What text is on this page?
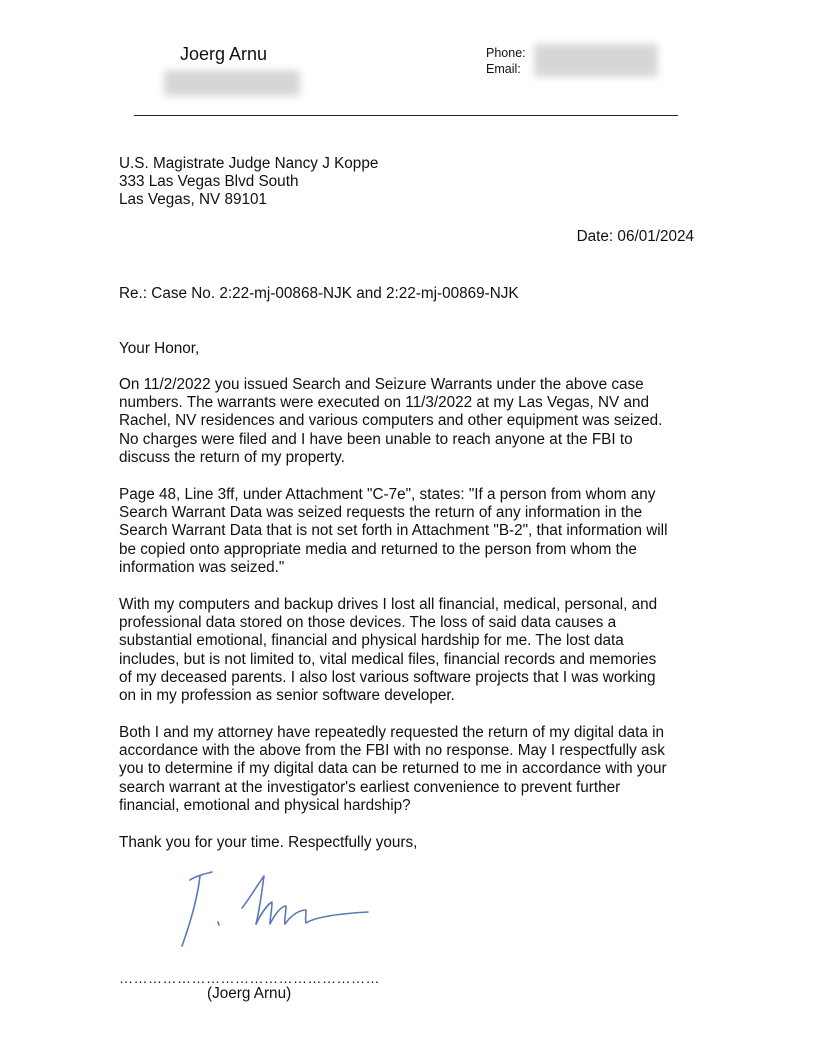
Joerg Arnu	Phone:
Email:
U.S. Magistrate Judge Nancy J Koppe
333 Las Vegas Blvd South
Las Vegas, NV 89101
Date: 06/01/2024
Re.: Case No. 2:22-mj-00868-NJK and 2:22-mj-00869-NJK
Your Honor,
On 11/2/2022 you issued Search and Seizure Warrants under the above case
numbers. The warrants were executed on 11/3/2022 at my Las Vegas, NV and
Rachel, NV residences and various computers and other equipment was seized.
No charges were filed and I have been unable to reach anyone at the FBI to
discuss the return of my property.
Page 48, Line 3ff, under Attachment "C-7e", states: "If a person from whom any
Search Warrant Data was seized requests the return of any information in the
Search Warrant Data that is not set forth in Attachment "B-2", that information will
be copied onto appropriate media and returned to the person from whom the
information was seized."
With my computers and backup drives I lost all financial, medical, personal, and
professional data stored on those devices. The loss of said data causes a
substantial emotional, financial and physical hardship for me. The lost data
includes, but is not limited to, vital medical files, financial records and memories
of my deceased parents. I also lost various software projects that I was working
on in my profession as senior software developer.
Both I and my attorney have repeatedly requested the return of my digital data in
accordance with the above from the FBI with no response. May I respectfully ask
you to determine if my digital data can be returned to me in accordance with your
search warrant at the investigator's earliest convenience to prevent further
financial, emotional and physical hardship?
Thank you for your time. Respectfully yours,
………………………………………………
(Joerg Arnu)
